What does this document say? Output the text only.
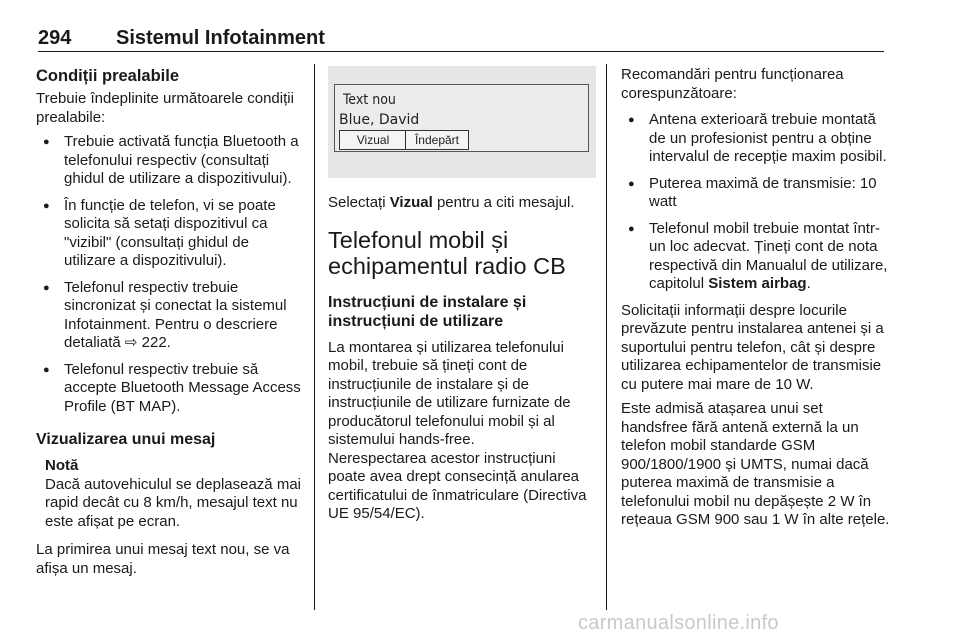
294 Sistemul Infotainment
Condiții prealabile

Trebuie îndeplinite următoarele condiții prealabile:

● Trebuie activată funcția Bluetooth a telefonului respectiv (consultați ghidul de utilizare a dispozitivului).
● În funcție de telefon, vi se poate solicita să setați dispozitivul ca "vizibil" (consultați ghidul de utilizare a dispozitivului).
● Telefonul respectiv trebuie sincronizat și conectat la sistemul Infotainment. Pentru o descriere detaliată ⇨ 222.
● Telefonul respectiv trebuie să accepte Bluetooth Message Access Profile (BT MAP).
Vizualizarea unui mesaj
Notă
Dacă autovehiculul se deplasează mai rapid decât cu 8 km/h, mesajul text nu este afișat pe ecran.

La primirea unui mesaj text nou, se va afișa un mesaj.

Text nou
Blue, David
Vizual	Îndepărt

Selectați Vizual pentru a citi mesajul.

Telefonul mobil și echipamentul radio CB
Instrucțiuni de instalare și instrucțiuni de utilizare

La montarea și utilizarea telefonului mobil, trebuie să țineți cont de instrucțiunile de instalare și de instrucțiunile de utilizare furnizate de producătorul telefonului mobil și al sistemului hands-free.

Nerespectarea acestor instrucțiuni poate avea drept consecință anularea certificatului de înmatriculare (Directiva UE 95/54/EC).

Recomandări pentru funcționarea corespunzătoare:

● Antena exterioară trebuie montată de un profesionist pentru a obține intervalul de recepție maxim posibil.
● Puterea maximă de transmisie: 10 watt
● Telefonul mobil trebuie montat într-un loc adecvat. Țineți cont de nota respectivă din Manualul de utilizare, capitolul Sistem airbag.

Solicitații informații despre locurile prevăzute pentru instalarea antenei și a suportului pentru telefon, cât și despre utilizarea echipamentelor de transmisie cu putere mai mare de 10 W.

Este admisă atașarea unui set handsfree fără antenă externă la un telefon mobil standarde GSM 900/1800/1900 și UMTS, numai dacă puterea maximă de transmisie a telefonului mobil nu depășește 2 W în rețeaua GSM 900 sau 1 W în alte rețele.

carmanualsonline.info
